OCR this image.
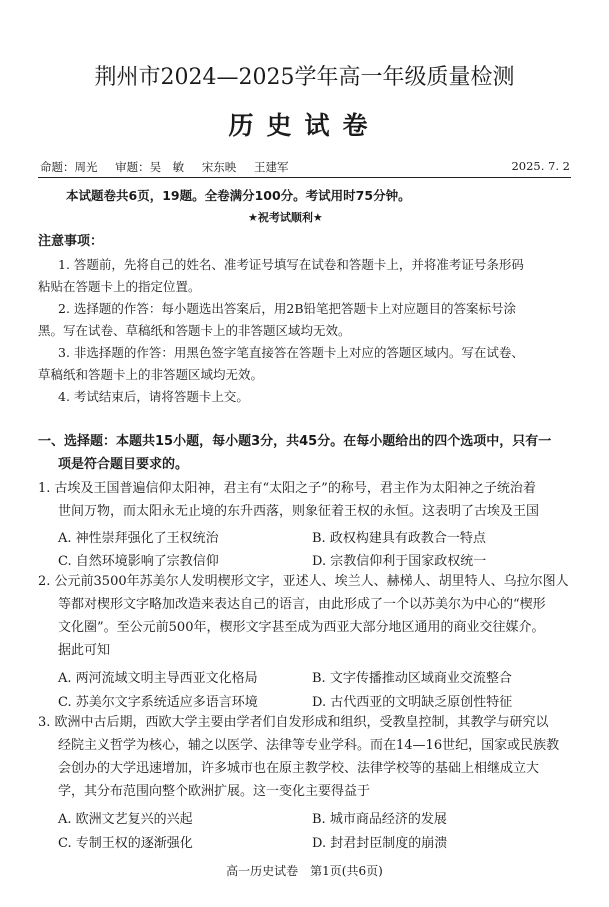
荆州市2024—2025学年高一年级质量检测
历史试卷
命题：周光 审题：吴　敏 宋东映 王建军	2025. 7. 2
本试题卷共6页，19题。全卷满分100分。考试用时75分钟。
★祝考试顺利★
注意事项：
1. 答题前，先将自己的姓名、准考证号填写在试卷和答题卡上，并将准考证号条形码
粘贴在答题卡上的指定位置。
2. 选择题的作答：每小题选出答案后，用2B铅笔把答题卡上对应题目的答案标号涂
黑。写在试卷、草稿纸和答题卡上的非答题区域均无效。
3. 非选择题的作答：用黑色签字笔直接答在答题卡上对应的答题区域内。写在试卷、
草稿纸和答题卡上的非答题区域均无效。
4. 考试结束后，请将答题卡上交。
一、选择题：本题共15小题，每小题3分，共45分。在每小题给出的四个选项中，只有一
项是符合题目要求的。
1. 古埃及王国普遍信仰太阳神，君主有“太阳之子”的称号，君主作为太阳神之子统治着
世间万物，而太阳永无止境的东升西落，则象征着王权的永恒。这表明了古埃及王国
A. 神性崇拜强化了王权统治	B. 政权构建具有政教合一特点
C. 自然环境影响了宗教信仰	D. 宗教信仰利于国家政权统一
2. 公元前3500年苏美尔人发明楔形文字，亚述人、埃兰人、赫梯人、胡里特人、乌拉尔图人
等都对楔形文字略加改造来表达自己的语言，由此形成了一个以苏美尔为中心的“楔形
文化圈”。至公元前500年，楔形文字甚至成为西亚大部分地区通用的商业交往媒介。
据此可知
A. 两河流域文明主导西亚文化格局	B. 文字传播推动区域商业交流整合
C. 苏美尔文字系统适应多语言环境	D. 古代西亚的文明缺乏原创性特征
3. 欧洲中古后期，西欧大学主要由学者们自发形成和组织，受教皇控制，其教学与研究以
经院主义哲学为核心，辅之以医学、法律等专业学科。而在14—16世纪，国家或民族教
会创办的大学迅速增加，许多城市也在原主教学校、法律学校等的基础上相继成立大
学，其分布范围向整个欧洲扩展。这一变化主要得益于
A. 欧洲文艺复兴的兴起	B. 城市商品经济的发展
C. 专制王权的逐渐强化	D. 封君封臣制度的崩溃
高一历史试卷　第1页(共6页)
